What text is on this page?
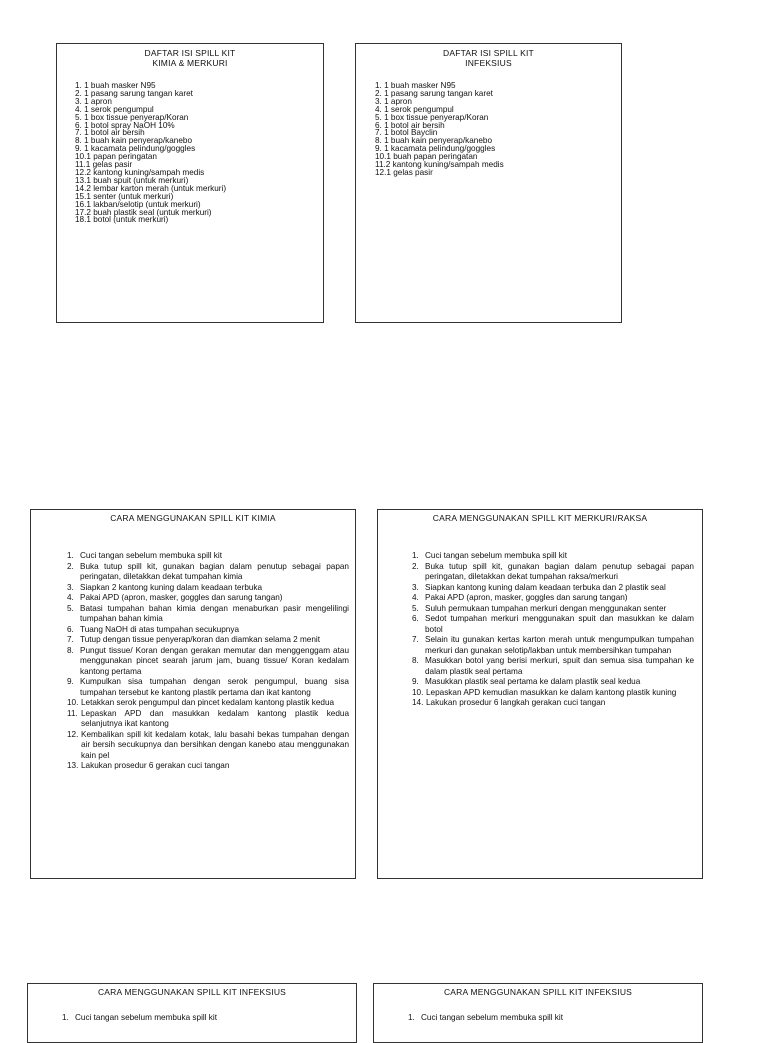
DAFTAR ISI SPILL KIT
KIMIA & MERKURI
1. 1 buah masker N95
2. 1 pasang sarung tangan karet
3. 1 apron
4. 1 serok pengumpul
5. 1 box tissue penyerap/Koran
6. 1 botol spray NaOH 10%
7. 1 botol air bersih
8. 1 buah kain penyerap/kanebo
9. 1 kacamata pelindung/goggles
10.1 papan peringatan
11.1 gelas pasir
12.2 kantong kuning/sampah medis
13.1 buah spuit (untuk merkuri)
14.2 lembar karton merah (untuk merkuri)
15.1 senter (untuk merkuri)
16.1 lakban/selotip (untuk merkuri)
17.2 buah plastik seal (untuk merkuri)
18.1 botol (untuk merkuri)
DAFTAR ISI SPILL KIT
INFEKSIUS
1. 1 buah masker N95
2. 1 pasang sarung tangan karet
3. 1 apron
4. 1 serok pengumpul
5. 1 box tissue penyerap/Koran
6. 1 botol air bersih
7. 1 botol Bayclin
8. 1 buah kain penyerap/kanebo
9. 1 kacamata pelindung/goggles
10.1 buah papan peringatan
11.2 kantong kuning/sampah medis
12.1 gelas pasir
CARA MENGGUNAKAN SPILL KIT KIMIA
1. Cuci tangan sebelum membuka spill kit
2. Buka tutup spill kit, gunakan bagian dalam penutup sebagai papan peringatan, diletakkan dekat tumpahan kimia
3. Siapkan 2 kantong kuning dalam keadaan terbuka
4. Pakai APD (apron, masker, goggles dan sarung tangan)
5. Batasi tumpahan bahan kimia dengan menaburkan pasir mengelilingi tumpahan bahan kimia
6. Tuang NaOH di atas tumpahan secukupnya
7. Tutup dengan tissue penyerap/koran dan diamkan selama 2 menit
8. Pungut tissue/ Koran dengan gerakan memutar dan menggenggam atau menggunakan pincet searah jarum jam, buang tissue/ Koran kedalam kantong pertama
9. Kumpulkan sisa tumpahan dengan serok pengumpul, buang sisa tumpahan tersebut ke kantong plastik pertama dan ikat kantong
10. Letakkan serok pengumpul dan pincet kedalam kantong plastik kedua
11. Lepaskan APD dan masukkan kedalam kantong plastik kedua selanjutnya ikat kantong
12. Kembalikan spill kit kedalam kotak, lalu basahi bekas tumpahan dengan air bersih secukupnya dan bersihkan dengan kanebo atau menggunakan kain pel
13. Lakukan prosedur 6 gerakan cuci tangan
CARA MENGGUNAKAN SPILL KIT MERKURI/RAKSA
1. Cuci tangan sebelum membuka spill kit
2. Buka tutup spill kit, gunakan bagian dalam penutup sebagai papan peringatan, diletakkan dekat tumpahan raksa/merkuri
3. Siapkan kantong kuning dalam keadaan terbuka dan 2 plastik seal
4. Pakai APD (apron, masker, goggles dan sarung tangan)
5. Suluh permukaan tumpahan merkuri dengan menggunakan senter
6. Sedot tumpahan merkuri menggunakan spuit dan masukkan ke dalam botol
7. Selain itu gunakan kertas karton merah untuk mengumpulkan tumpahan merkuri dan gunakan selotip/lakban untuk membersihkan tumpahan
8. Masukkan botol yang berisi merkuri, spuit dan semua sisa tumpahan ke dalam plastik seal pertama
9. Masukkan plastik seal pertama ke dalam plastik seal kedua
10. Lepaskan APD kemudian masukkan ke dalam kantong plastik kuning
14. Lakukan prosedur 6 langkah gerakan cuci tangan
CARA MENGGUNAKAN SPILL KIT INFEKSIUS
1. Cuci tangan sebelum membuka spill kit
CARA MENGGUNAKAN SPILL KIT INFEKSIUS
1. Cuci tangan sebelum membuka spill kit
